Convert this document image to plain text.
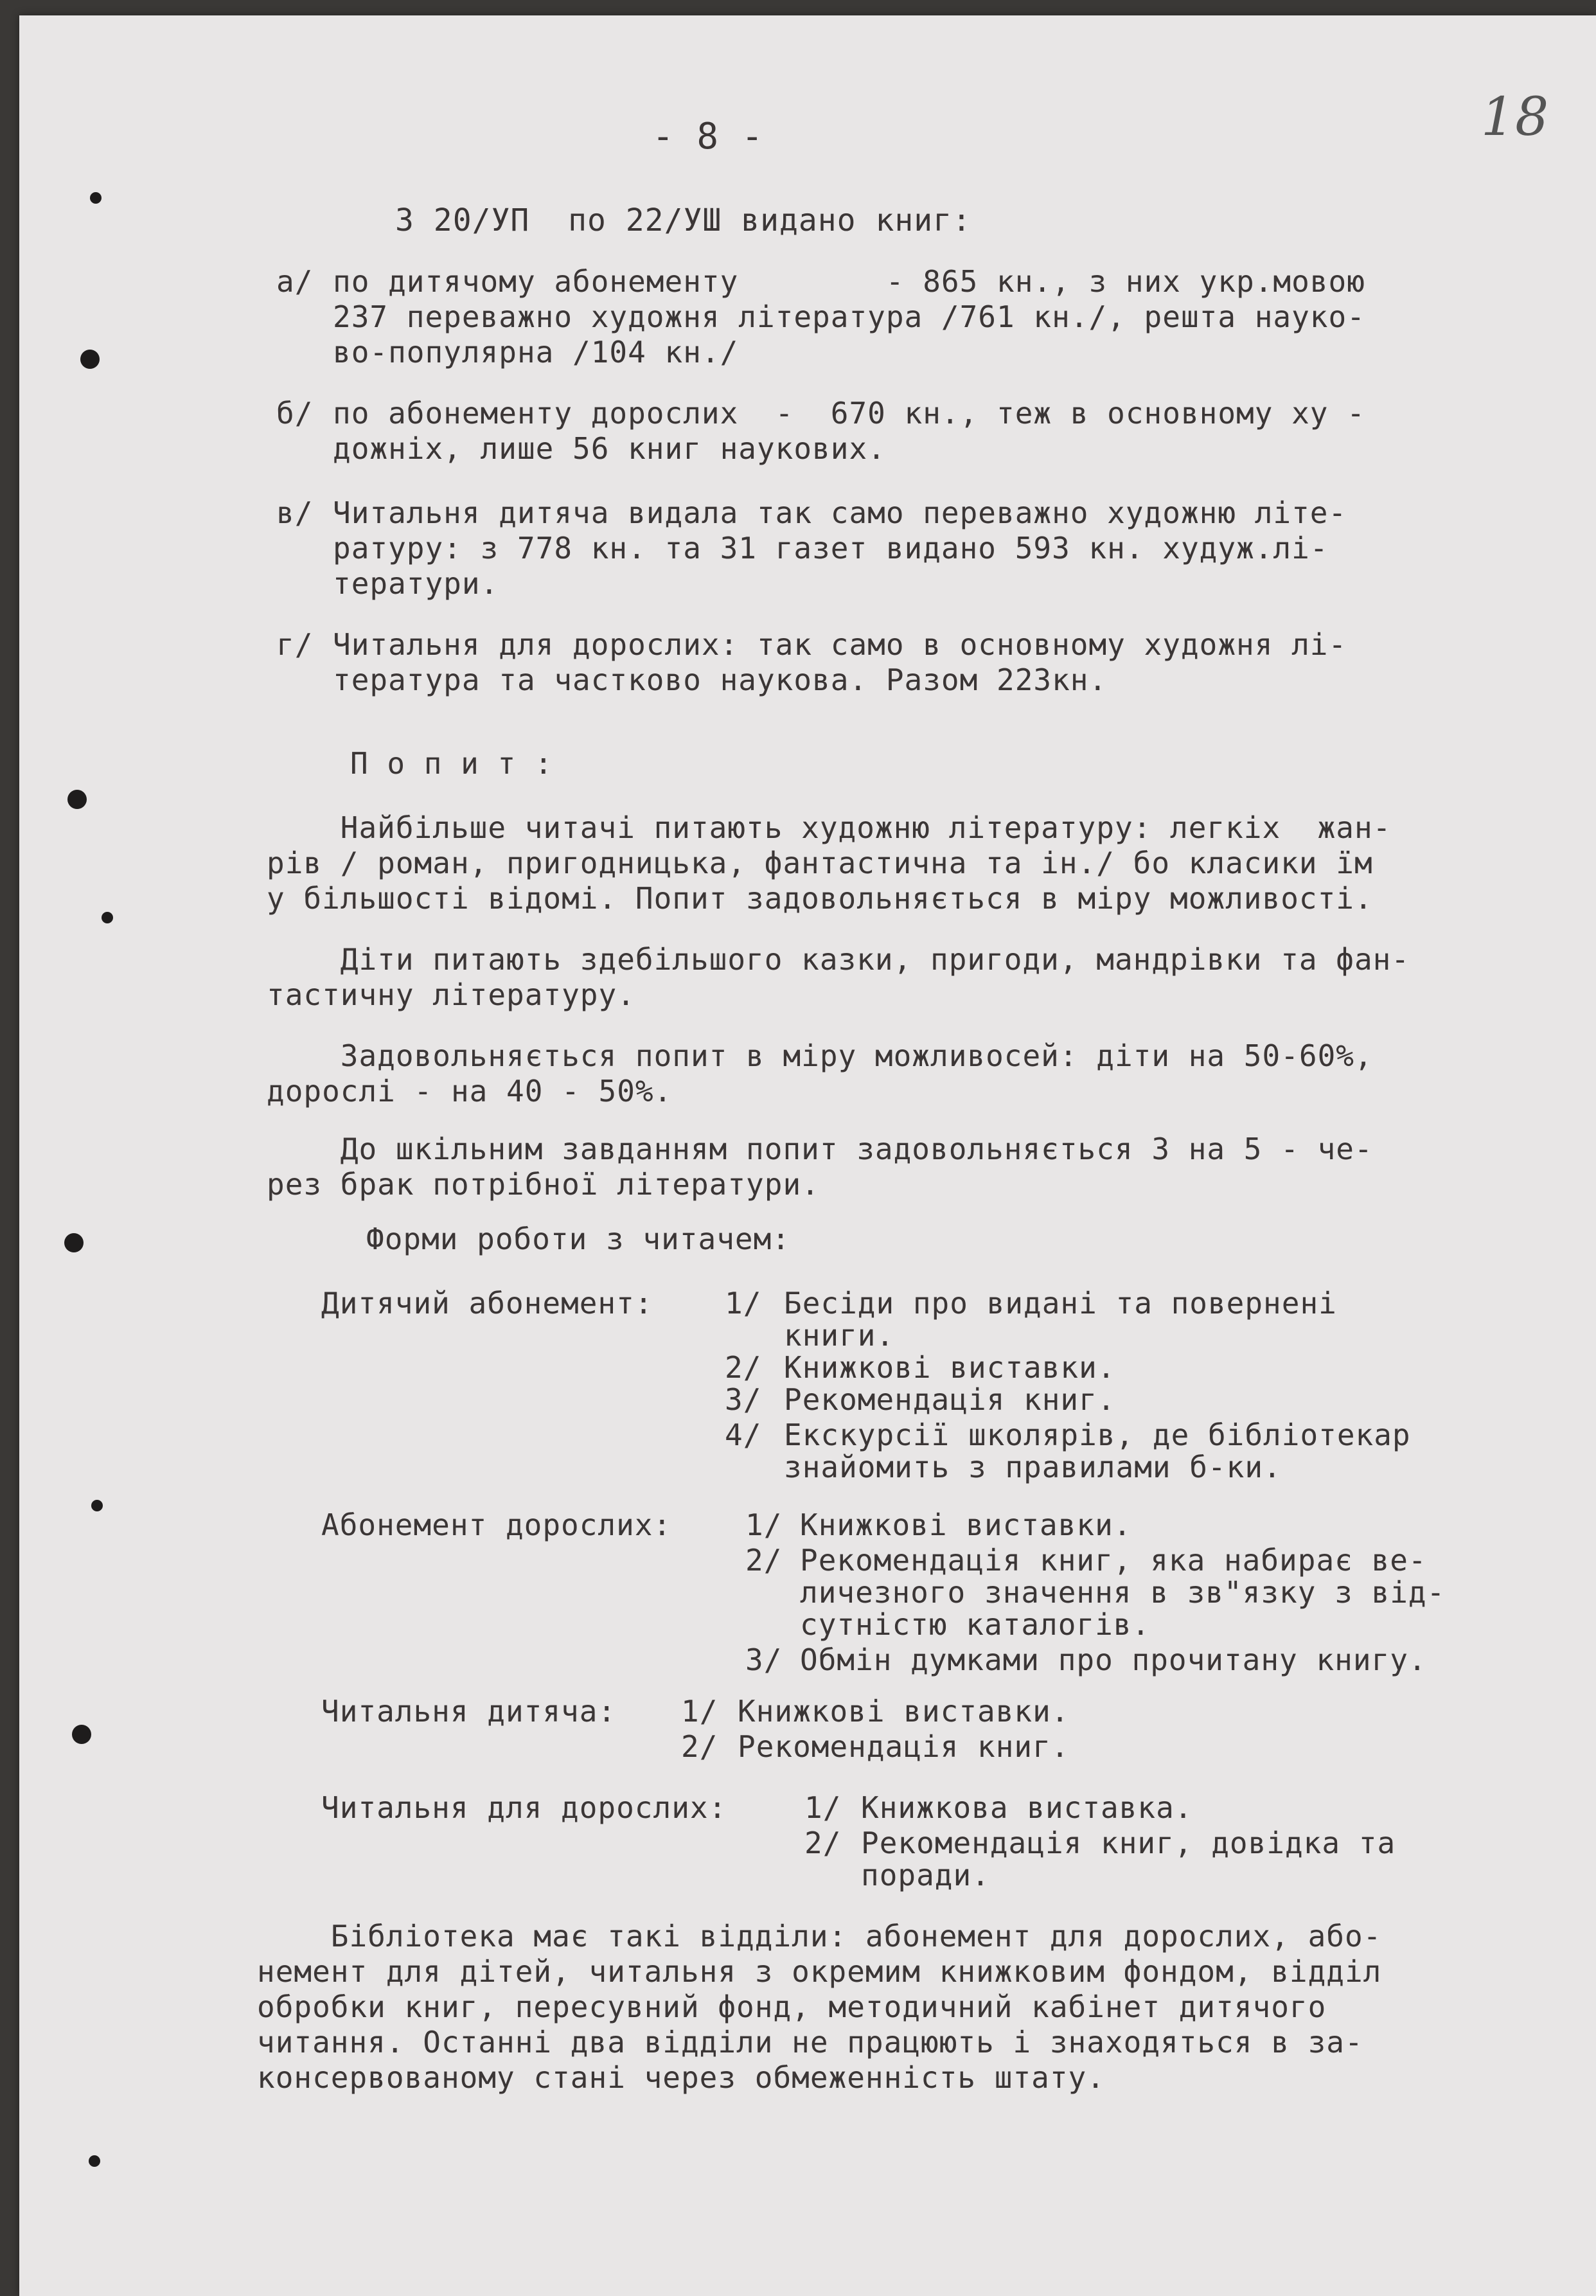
- 8 -	18
З 20/УП  по 22/УШ видано книг:
а/ по дитячому абонементу        - 865 кн., з них укр.мовою
237 переважно художня література /761 кн./, решта науко-
во-популярна /104 кн./
б/ по абонементу дорослих  -  670 кн., теж в основному ху -
дожніх, лише 56 книг наукових.
в/ Читальня дитяча видала так само переважно художню літе-
ратуру: з 778 кн. та 31 газет видано 593 кн. худуж.лі-
тератури.
г/ Читальня для дорослих: так само в основному художня лі-
тература та частково наукова. Разом 223кн.
П о п и т :
Найбільше читачі питають художню літературу: легкіх  жан-
рів / роман, пригодницька, фантастична та ін./ бо класики їм
у більшості відомі. Попит задовольняється в міру можливості.
Діти питають здебільшого казки, пригоди, мандрівки та фан-
тастичну літературу.
Задовольняється попит в міру можливосей: діти на 50-60%,
дорослі - на 40 - 50%.
До шкільним завданням попит задовольняється 3 на 5 - че-
рез брак потрібної літератури.
Форми роботи з читачем:
Дитячий абонемент: 1/ Бесіди про видані та повернені
книги.
2/ Книжкові виставки.
3/ Рекомендація книг.
4/ Екскурсії школярів, де бібліотекар
знайомить з правилами б-ки.
Абонемент дорослих: 1/ Книжкові виставки.
2/ Рекомендація книг, яка набирає ве-
личезного значення в зв"язку з від-
сутністю каталогів.
3/ Обмін думками про прочитану книгу.
Читальня дитяча: 1/ Книжкові виставки.
2/ Рекомендація книг.
Читальня для дорослих:	1/ Книжкова виставка.
2/ Рекомендація книг, довідка та
поради.
Бібліотека має такі відділи: абонемент для дорослих, або-
немент для дітей, читальня з окремим книжковим фондом, відділ
обробки книг, пересувний фонд, методичний кабінет дитячого
читання. Останні два відділи не працюють і знаходяться в за-
консервованому стані через обмеженність штату.
